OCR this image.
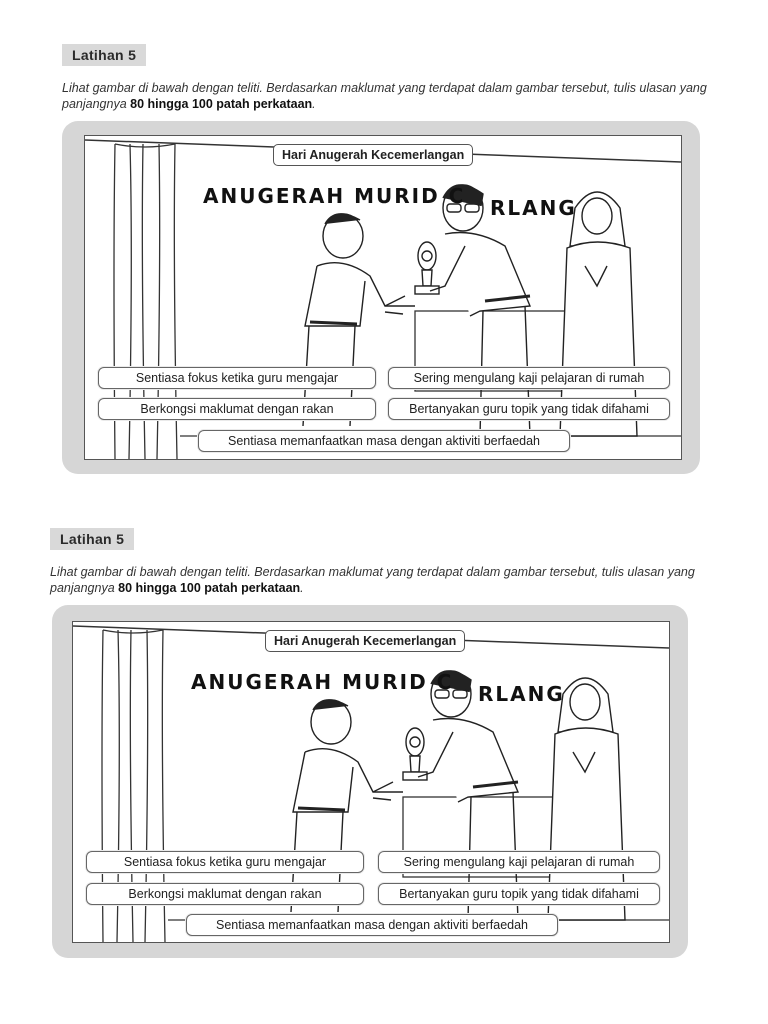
Latihan 5
Lihat gambar di bawah dengan teliti. Berdasarkan maklumat yang terdapat dalam gambar tersebut, tulis ulasan yang panjangnya 80 hingga 100 patah perkataan.
Hari Anugerah Kecemerlangan
ANUGERAH MURID C RLANG
Sentiasa fokus ketika guru mengajar	Sering mengulang kaji pelajaran di rumah
Berkongsi maklumat dengan rakan	Bertanyakan guru topik yang tidak difahami
Sentiasa memanfaatkan masa dengan aktiviti berfaedah
Latihan 5
Lihat gambar di bawah dengan teliti. Berdasarkan maklumat yang terdapat dalam gambar tersebut, tulis ulasan yang panjangnya 80 hingga 100 patah perkataan.
Hari Anugerah Kecemerlangan
ANUGERAH MURID C RLANG
Sentiasa fokus ketika guru mengajar	Sering mengulang kaji pelajaran di rumah
Berkongsi maklumat dengan rakan	Bertanyakan guru topik yang tidak difahami
Sentiasa memanfaatkan masa dengan aktiviti berfaedah
